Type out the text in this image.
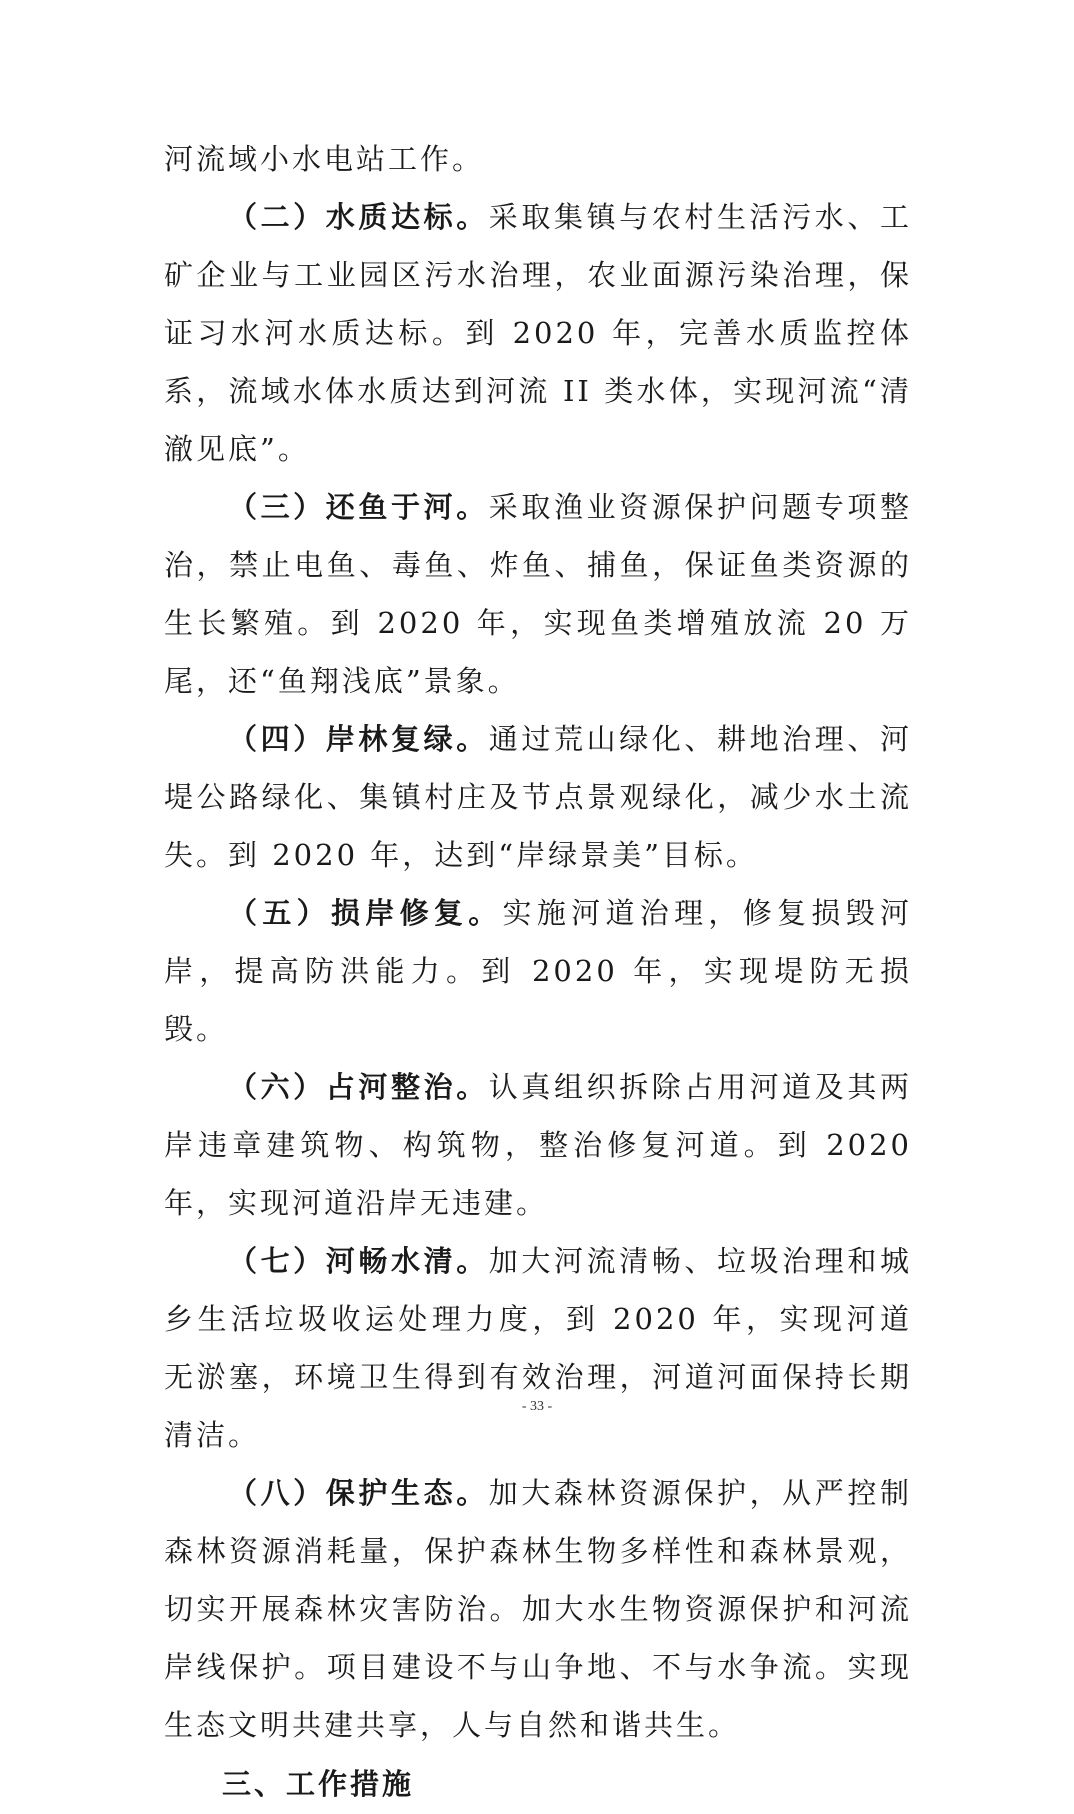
河流域小水电站工作。

（二）水质达标。采取集镇与农村生活污水、工矿企业与工业园区污水治理，农业面源污染治理，保证习水河水质达标。到 2020 年，完善水质监控体系，流域水体水质达到河流 II 类水体，实现河流“清澈见底”。

（三）还鱼于河。采取渔业资源保护问题专项整治，禁止电鱼、毒鱼、炸鱼、捕鱼，保证鱼类资源的生长繁殖。到 2020 年，实现鱼类增殖放流 20 万尾，还“鱼翔浅底”景象。

（四）岸林复绿。通过荒山绿化、耕地治理、河堤公路绿化、集镇村庄及节点景观绿化，减少水土流失。到 2020 年，达到“岸绿景美”目标。

（五）损岸修复。实施河道治理，修复损毁河岸，提高防洪能力。到 2020 年，实现堤防无损毁。

（六）占河整治。认真组织拆除占用河道及其两岸违章建筑物、构筑物，整治修复河道。到 2020 年，实现河道沿岸无违建。

（七）河畅水清。加大河流清畅、垃圾治理和城乡生活垃圾收运处理力度，到 2020 年，实现河道无淤塞，环境卫生得到有效治理，河道河面保持长期清洁。

（八）保护生态。加大森林资源保护，从严控制森林资源消耗量，保护森林生物多样性和森林景观，切实开展森林灾害防治。加大水生物资源保护和河流岸线保护。项目建设不与山争地、不与水争流。实现生态文明共建共享，人与自然和谐共生。

三、工作措施

- 33 -
